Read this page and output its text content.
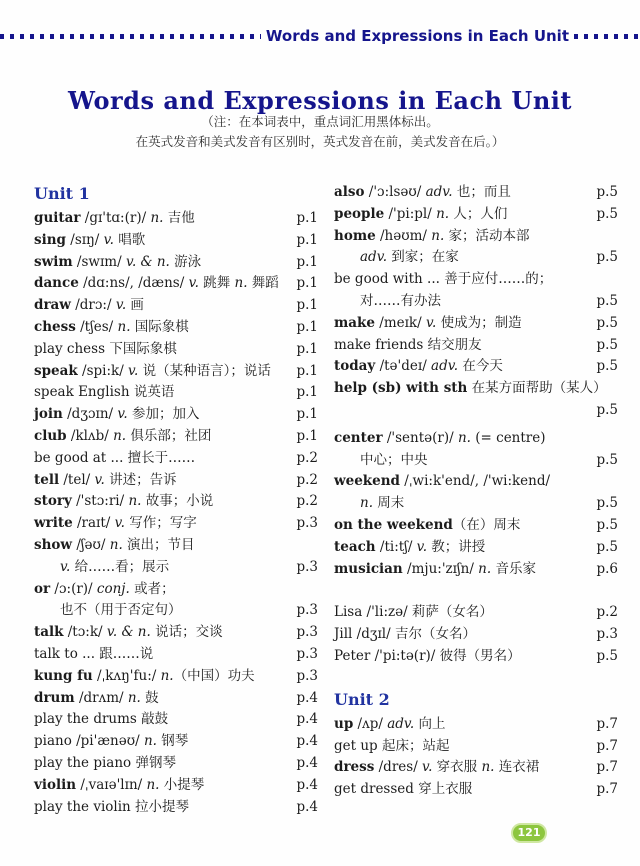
Words and Expressions in Each Unit
Words and Expressions in Each Unit
（注：在本词表中，重点词汇用黑体标出。
在英式发音和美式发音有区别时，英式发音在前，美式发音在后。）
Unit 1
guitar /gɪ'tɑ:(r)/ n. 吉他	p.1
sing /sɪŋ/ v. 唱歌	p.1
swim /swɪm/ v. & n. 游泳	p.1
dance /dɑ:ns/, /dæns/ v. 跳舞 n. 舞蹈	p.1
draw /drɔ:/ v. 画	p.1
chess /tʃes/ n. 国际象棋	p.1
play chess 下国际象棋	p.1
speak /spi:k/ v. 说（某种语言）；说话	p.1
speak English 说英语	p.1
join /dʒɔɪn/ v. 参加；加入	p.1
club /klʌb/ n. 俱乐部；社团	p.1
be good at ... 擅长于……	p.2
tell /tel/ v. 讲述；告诉	p.2
story /'stɔ:ri/ n. 故事；小说	p.2
write /raɪt/ v. 写作；写字	p.3
show /ʃəʊ/ n. 演出；节目
v. 给……看；展示	p.3
or /ɔ:(r)/ conj. 或者；
也不（用于否定句）	p.3
talk /tɔ:k/ v. & n. 说话；交谈	p.3
talk to ... 跟……说	p.3
kung fu /ˌkʌŋ'fu:/ n.（中国）功夫	p.3
drum /drʌm/ n. 鼓	p.4
play the drums 敲鼓	p.4
piano /pi'ænəʊ/ n. 钢琴	p.4
play the piano 弹钢琴	p.4
violin /ˌvaɪə'lɪn/ n. 小提琴	p.4
play the violin 拉小提琴	p.4
also /'ɔ:lsəʊ/ adv. 也；而且	p.5
people /'pi:pl/ n. 人；人们	p.5
home /həʊm/ n. 家；活动本部
adv. 到家；在家	p.5
be good with ... 善于应付……的；
对……有办法	p.5
make /meɪk/ v. 使成为；制造	p.5
make friends 结交朋友	p.5
today /tə'deɪ/ adv. 在今天	p.5
help (sb) with sth 在某方面帮助（某人）
p.5
center /'sentə(r)/ n. (= centre)
中心；中央	p.5
weekend /ˌwi:k'end/, /'wi:kend/
n. 周末	p.5
on the weekend（在）周末	p.5
teach /ti:tʃ/ v. 教；讲授	p.5
musician /mju:'zɪʃn/ n. 音乐家	p.6
Lisa /'li:zə/ 莉萨（女名）	p.2
Jill /dʒɪl/ 吉尔（女名）	p.3
Peter /'pi:tə(r)/ 彼得（男名）	p.5
Unit 2
up /ʌp/ adv. 向上	p.7
get up 起床；站起	p.7
dress /dres/ v. 穿衣服 n. 连衣裙	p.7
get dressed 穿上衣服	p.7
121
